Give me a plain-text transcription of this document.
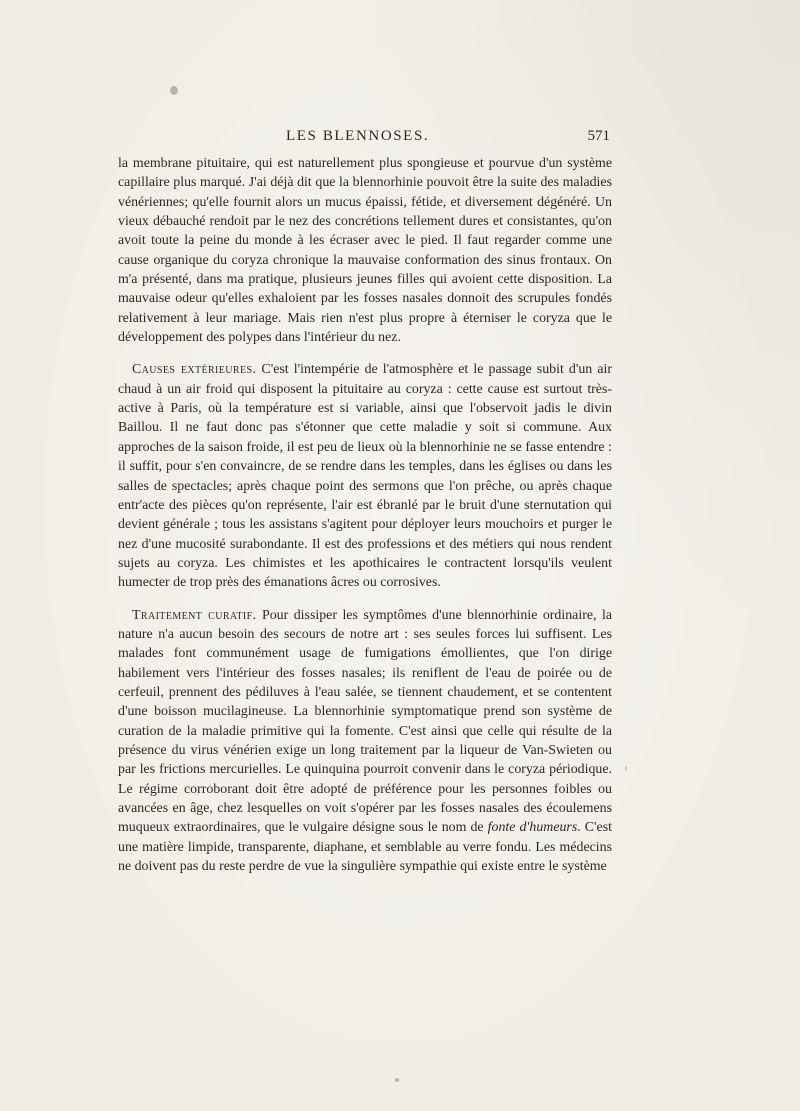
LES BLENNOSES.	571

la membrane pituitaire, qui est naturellement plus spongieuse et pourvue d'un système capillaire plus marqué. J'ai déjà dit que la blennorhinie pouvoit être la suite des maladies vénériennes; qu'elle fournit alors un mucus épaissi, fétide, et diversement dégénéré. Un vieux débauché rendoit par le nez des concrétions tellement dures et consistantes, qu'on avoit toute la peine du monde à les écraser avec le pied. Il faut regarder comme une cause organique du coryza chronique la mauvaise conformation des sinus frontaux. On m'a présenté, dans ma pratique, plusieurs jeunes filles qui avoient cette disposition. La mauvaise odeur qu'elles exhaloient par les fosses nasales donnoit des scrupules fondés relativement à leur mariage. Mais rien n'est plus propre à éterniser le coryza que le développement des polypes dans l'intérieur du nez.

Causes extérieures. C'est l'intempérie de l'atmosphère et le passage subit d'un air chaud à un air froid qui disposent la pituitaire au coryza : cette cause est surtout très-active à Paris, où la température est si variable, ainsi que l'observoit jadis le divin Baillou. Il ne faut donc pas s'étonner que cette maladie y soit si commune. Aux approches de la saison froide, il est peu de lieux où la blennorhinie ne se fasse entendre : il suffit, pour s'en convaincre, de se rendre dans les temples, dans les églises ou dans les salles de spectacles; après chaque point des sermons que l'on prêche, ou après chaque entr'acte des pièces qu'on représente, l'air est ébranlé par le bruit d'une sternutation qui devient générale ; tous les assistans s'agitent pour déployer leurs mouchoirs et purger le nez d'une mucosité surabondante. Il est des professions et des métiers qui nous rendent sujets au coryza. Les chimistes et les apothicaires le contractent lorsqu'ils veulent humecter de trop près des émanations âcres ou corrosives.

Traitement curatif. Pour dissiper les symptômes d'une blennorhinie ordinaire, la nature n'a aucun besoin des secours de notre art : ses seules forces lui suffisent. Les malades font communément usage de fumigations émollientes, que l'on dirige habilement vers l'intérieur des fosses nasales; ils reniflent de l'eau de poirée ou de cerfeuil, prennent des pédiluves à l'eau salée, se tiennent chaudement, et se contentent d'une boisson mucilagineuse. La blennorhinie symptomatique prend son système de curation de la maladie primitive qui la fomente. C'est ainsi que celle qui résulte de la présence du virus vénérien exige un long traitement par la liqueur de Van-Swieten ou par les frictions mercurielles. Le quinquina pourroit convenir dans le coryza périodique. Le régime corroborant doit être adopté de préférence pour les personnes foibles ou avancées en âge, chez lesquelles on voit s'opérer par les fosses nasales des écoulemens muqueux extraordinaires, que le vulgaire désigne sous le nom de fonte d'humeurs. C'est une matière limpide, transparente, diaphane, et semblable au verre fondu. Les médecins ne doivent pas du reste perdre de vue la singulière sympathie qui existe entre le système
